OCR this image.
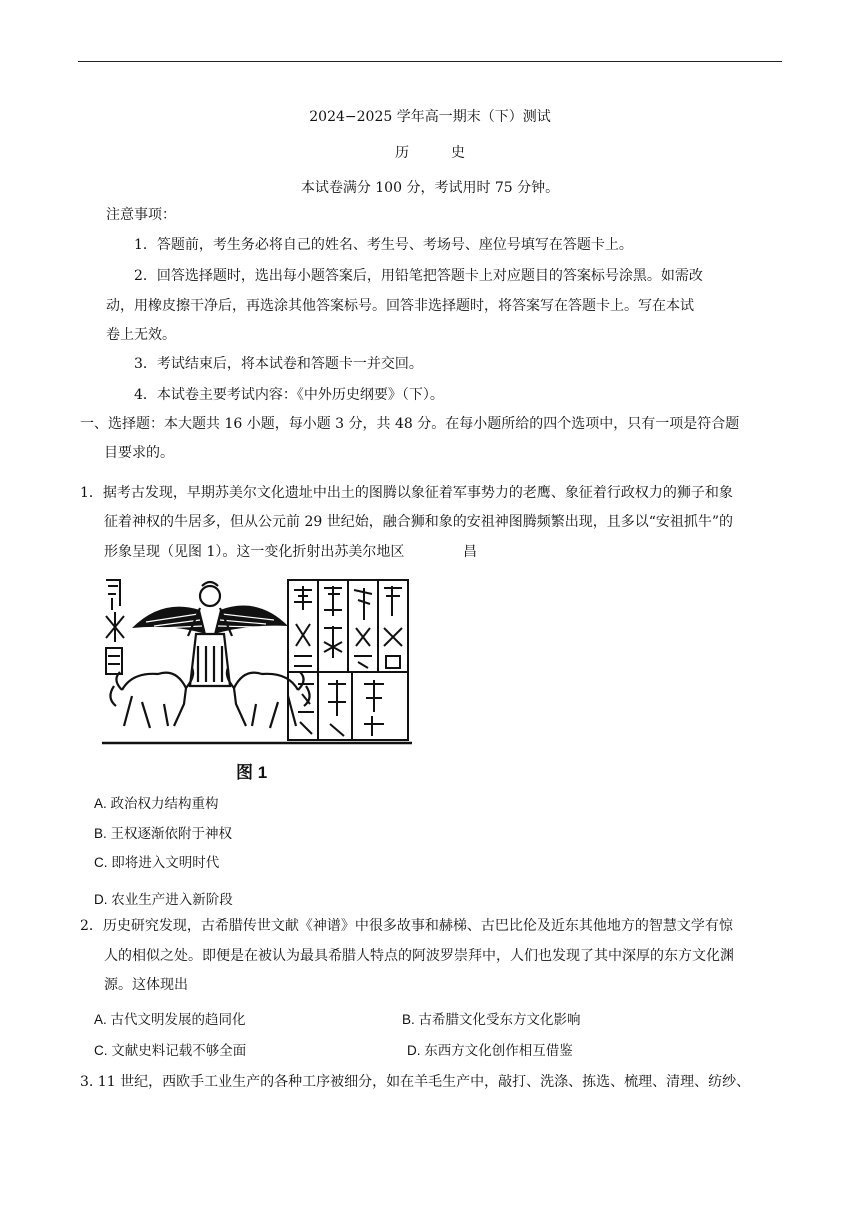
2024−2025 学年高一期末（下）测试
历	史
本试卷满分 100 分，考试用时 75 分钟。
注意事项：
1．答题前，考生务必将自己的姓名、考生号、考场号、座位号填写在答题卡上。
2．回答选择题时，选出每小题答案后，用铅笔把答题卡上对应题目的答案标号涂黑。如需改
动，用橡皮擦干净后，再选涂其他答案标号。回答非选择题时，将答案写在答题卡上。写在本试
卷上无效。
3．考试结束后，将本试卷和答题卡一并交回。
4．本试卷主要考试内容：《中外历史纲要》（下）。
一、选择题：本大题共 16 小题，每小题 3 分，共 48 分。在每小题所给的四个选项中，只有一项是符合题
目要求的。
1．据考古发现，早期苏美尔文化遗址中出土的图腾以象征着军事势力的老鹰、象征着行政权力的狮子和象
征着神权的牛居多，但从公元前 29 世纪始，融合狮和象的安祖神图腾频繁出现，且多以“安祖抓牛”的
形象呈现（见图 1）。这一变化折射出苏美尔地区	昌
图 1
A. 政治权力结构重构
B. 王权逐渐依附于神权
C. 即将进入文明时代
D. 农业生产进入新阶段
2．历史研究发现，古希腊传世文献《神谱》中很多故事和赫梯、古巴比伦及近东其他地方的智慧文学有惊
人的相似之处。即便是在被认为最具希腊人特点的阿波罗崇拜中，人们也发现了其中深厚的东方文化渊
源。这体现出
A. 古代文明发展的趋同化	B. 古希腊文化受东方文化影响
C. 文献史料记载不够全面	D. 东西方文化创作相互借鉴
3. 11 世纪，西欧手工业生产的各种工序被细分，如在羊毛生产中，敲打、洗涤、拣选、梳理、清理、纺纱、
